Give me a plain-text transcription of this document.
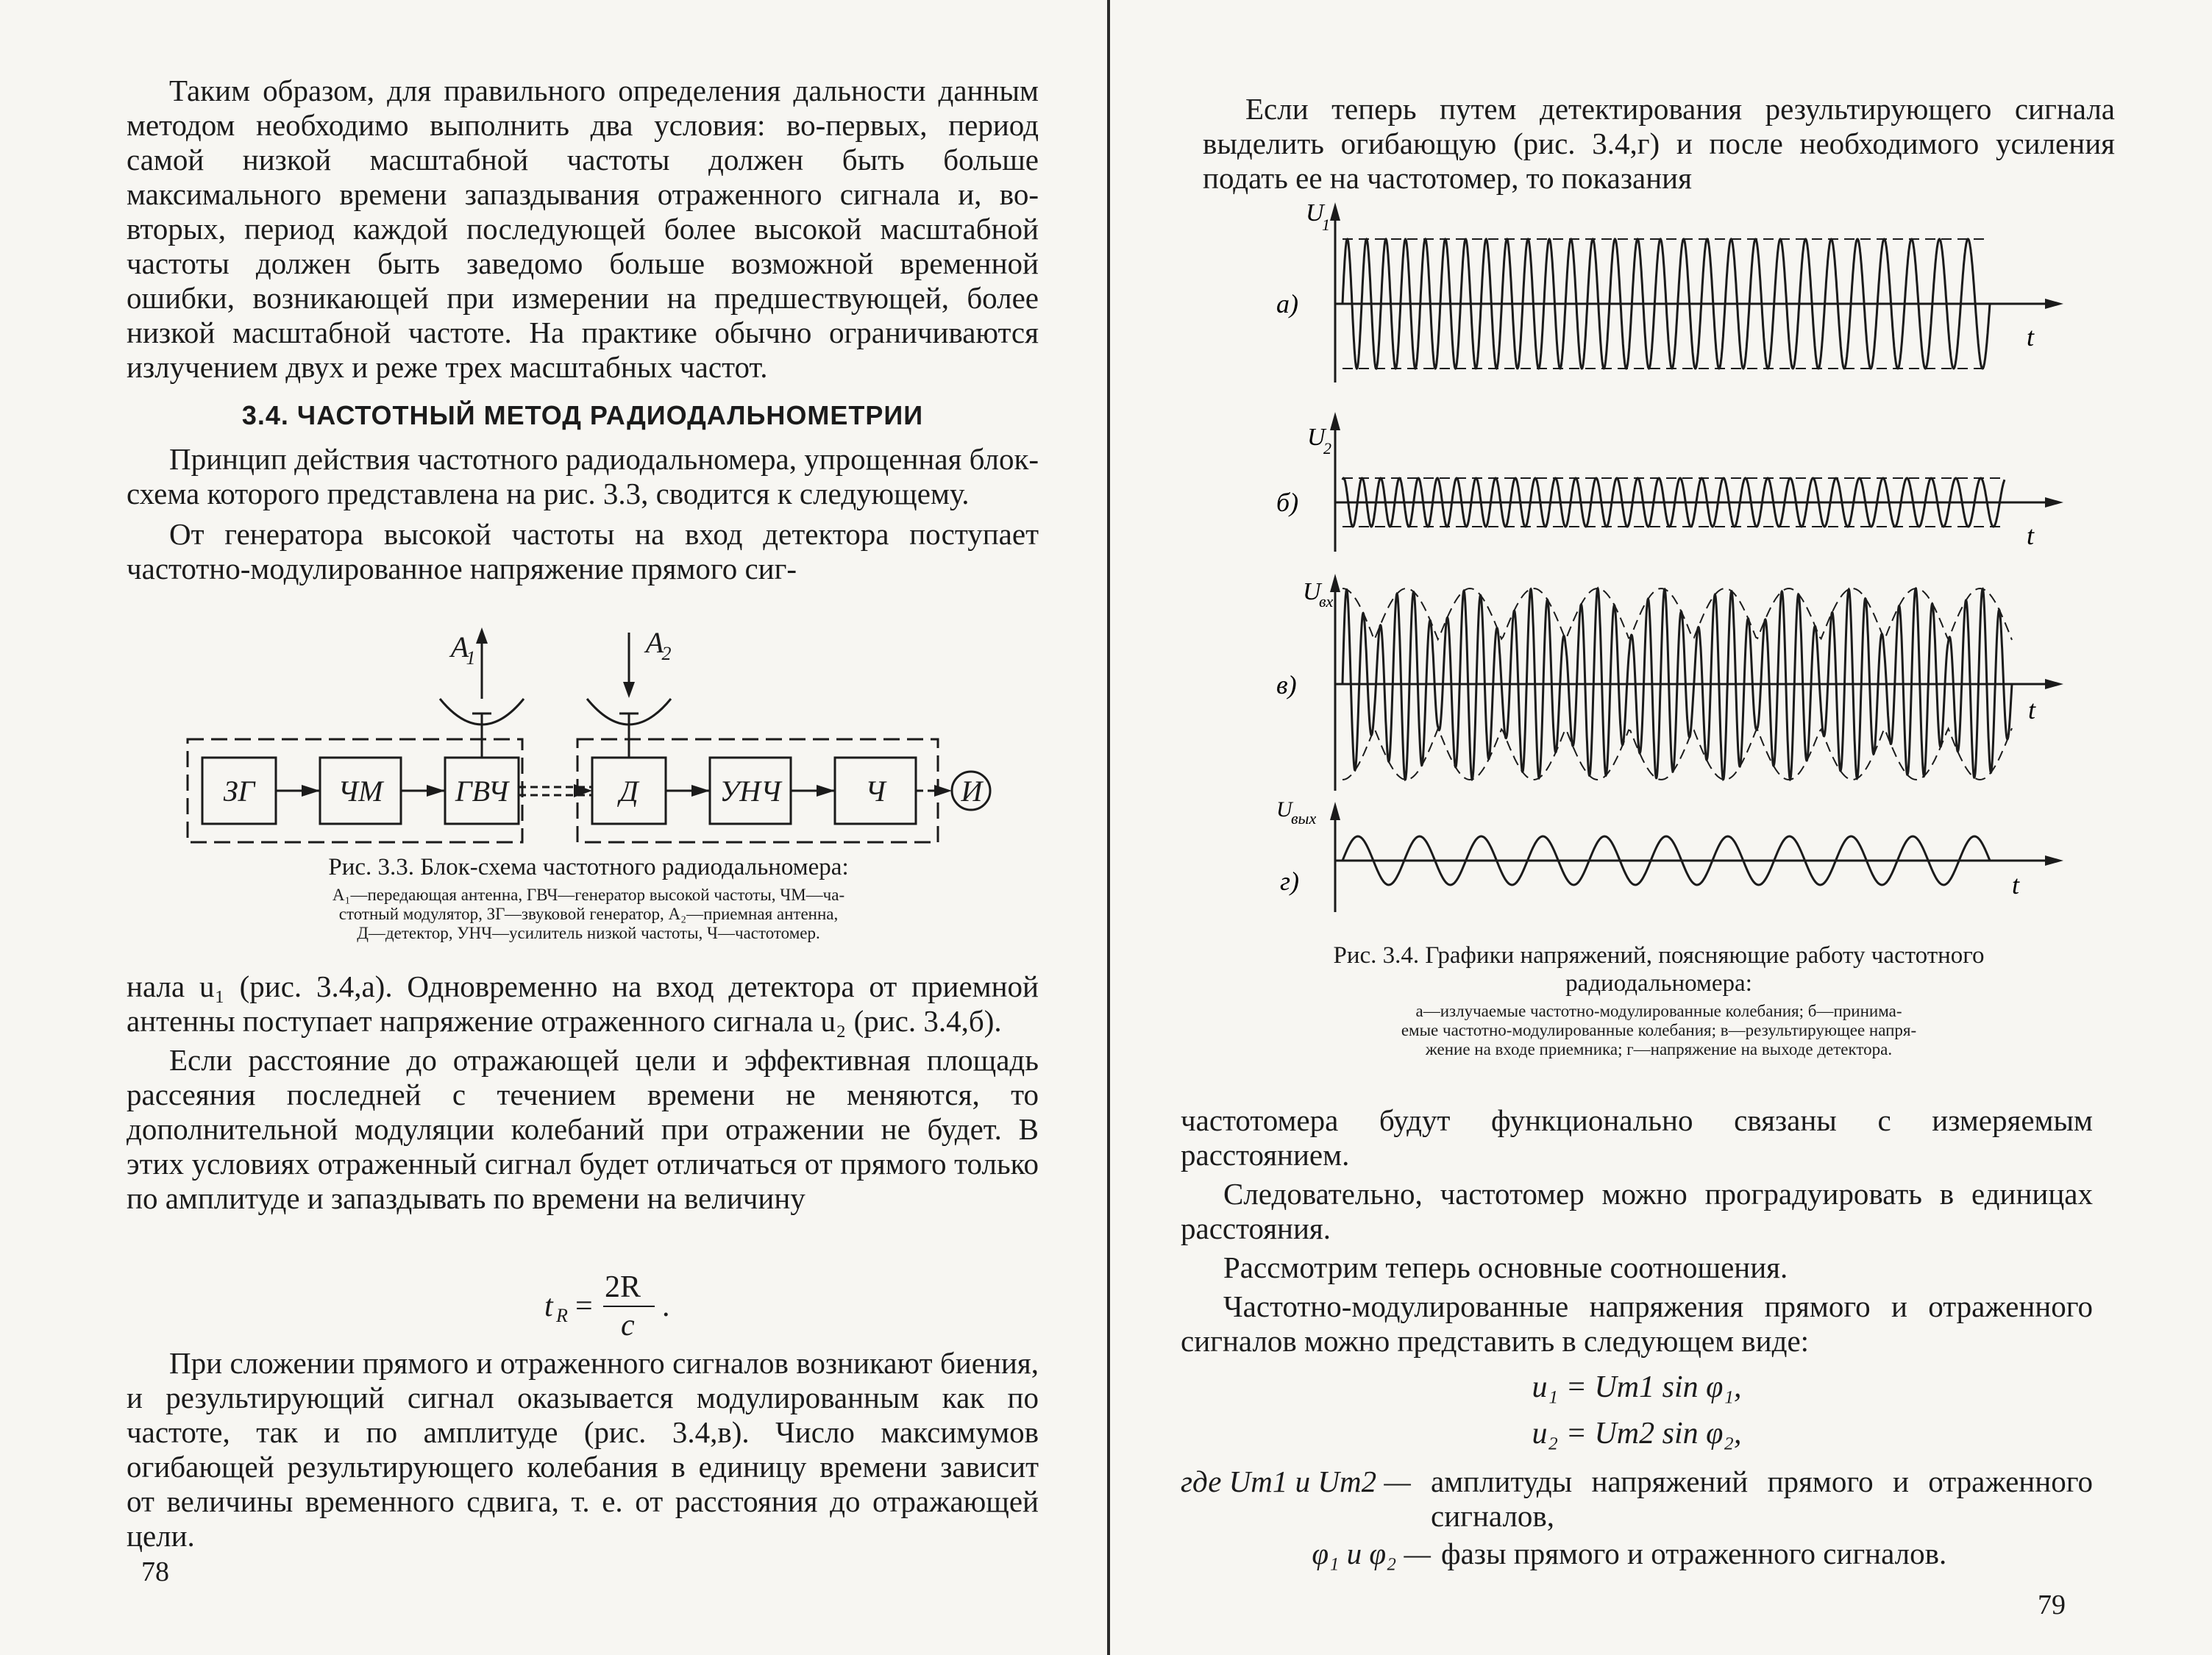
Таким образом, для правильного определения дальности данным методом необходимо выполнить два условия: во-первых, период самой низкой масштабной частоты должен быть больше максимального времени запаздывания отраженного сигнала и, во-вторых, период каждой последующей более высокой масштабной частоты должен быть заведомо больше возможной временной ошибки, возникающей при измерении на предшествующей, более низкой масштабной частоте. На практике обычно ограничиваются излучением двух и реже трех масштабных частот.

3.4. ЧАСТОТНЫЙ МЕТОД РАДИОДАЛЬНОМЕТРИИ

Принцип действия частотного радиодальномера, упрощенная блок-схема которого представлена на рис. 3.3, сводится к следующему.

От генератора высокой частоты на вход детектора поступает частотно-модулированное напряжение прямого сиг-

ЗГ	ЧМ ГВЧ	Д	УНЧ	Ч	И
A
1	A
2
Рис. 3.3. Блок-схема частотного радиодальномера:
A₁—передающая антенна, ГВЧ—генератор высокой частоты, ЧМ—ча-
стотный модулятор, ЗГ—звуковой генератор, A₂—приемная антенна,
Д—детектор, УНЧ—усилитель низкой частоты, Ч—частотомер.

нала u₁ (рис. 3.4,а). Одновременно на вход детектора от приемной антенны поступает напряжение отраженного сигнала u₂ (рис. 3.4,б).

Если расстояние до отражающей цели и эффективная площадь рассеяния последней с течением времени не меняются, то дополнительной модуляции колебаний при отражении не будет. В этих условиях отраженный сигнал будет отличаться от прямого только по амплитуде и запаздывать по времени на величину

t R =
2R
c
.

При сложении прямого и отраженного сигналов возникают биения, и результирующий сигнал оказывается модулированным как по частоте, так и по амплитуде (рис. 3.4,в). Число максимумов огибающей результирующего колебания в единицу времени зависит от величины временного сдвига, т. е. от расстояния до отражающей цели.

78

Если теперь путем детектирования результирующего сигнала выделить огибающую (рис. 3.4,г) и после необходимого усиления подать ее на частотомер, то показания

U
1
а)
t
U
2
б)
t
U
вх
в)
t
U
вых
г)	t
Рис. 3.4. Графики напряжений, поясняющие работу частотного радиодальномера:
а—излучаемые частотно-модулированные колебания; б—принима-
емые частотно-модулированные колебания; в—результирующее напря-
жение на входе приемника; г—напряжение на выходе детектора.

частотомера будут функционально связаны с измеряемым расстоянием.

Следовательно, частотомер можно проградуировать в единицах расстояния.

Рассмотрим теперь основные соотношения.

Частотно-модулированные напряжения прямого и отраженного сигналов можно представить в следующем виде:

u₁ = Um1 sin φ₁,

u₂ = Um2 sin φ₂,

где Um1 и Um2 — амплитуды напряжений прямого и отраженного сигналов,
φ₁ и φ₂ — фазы прямого и отраженного сигналов.
79
